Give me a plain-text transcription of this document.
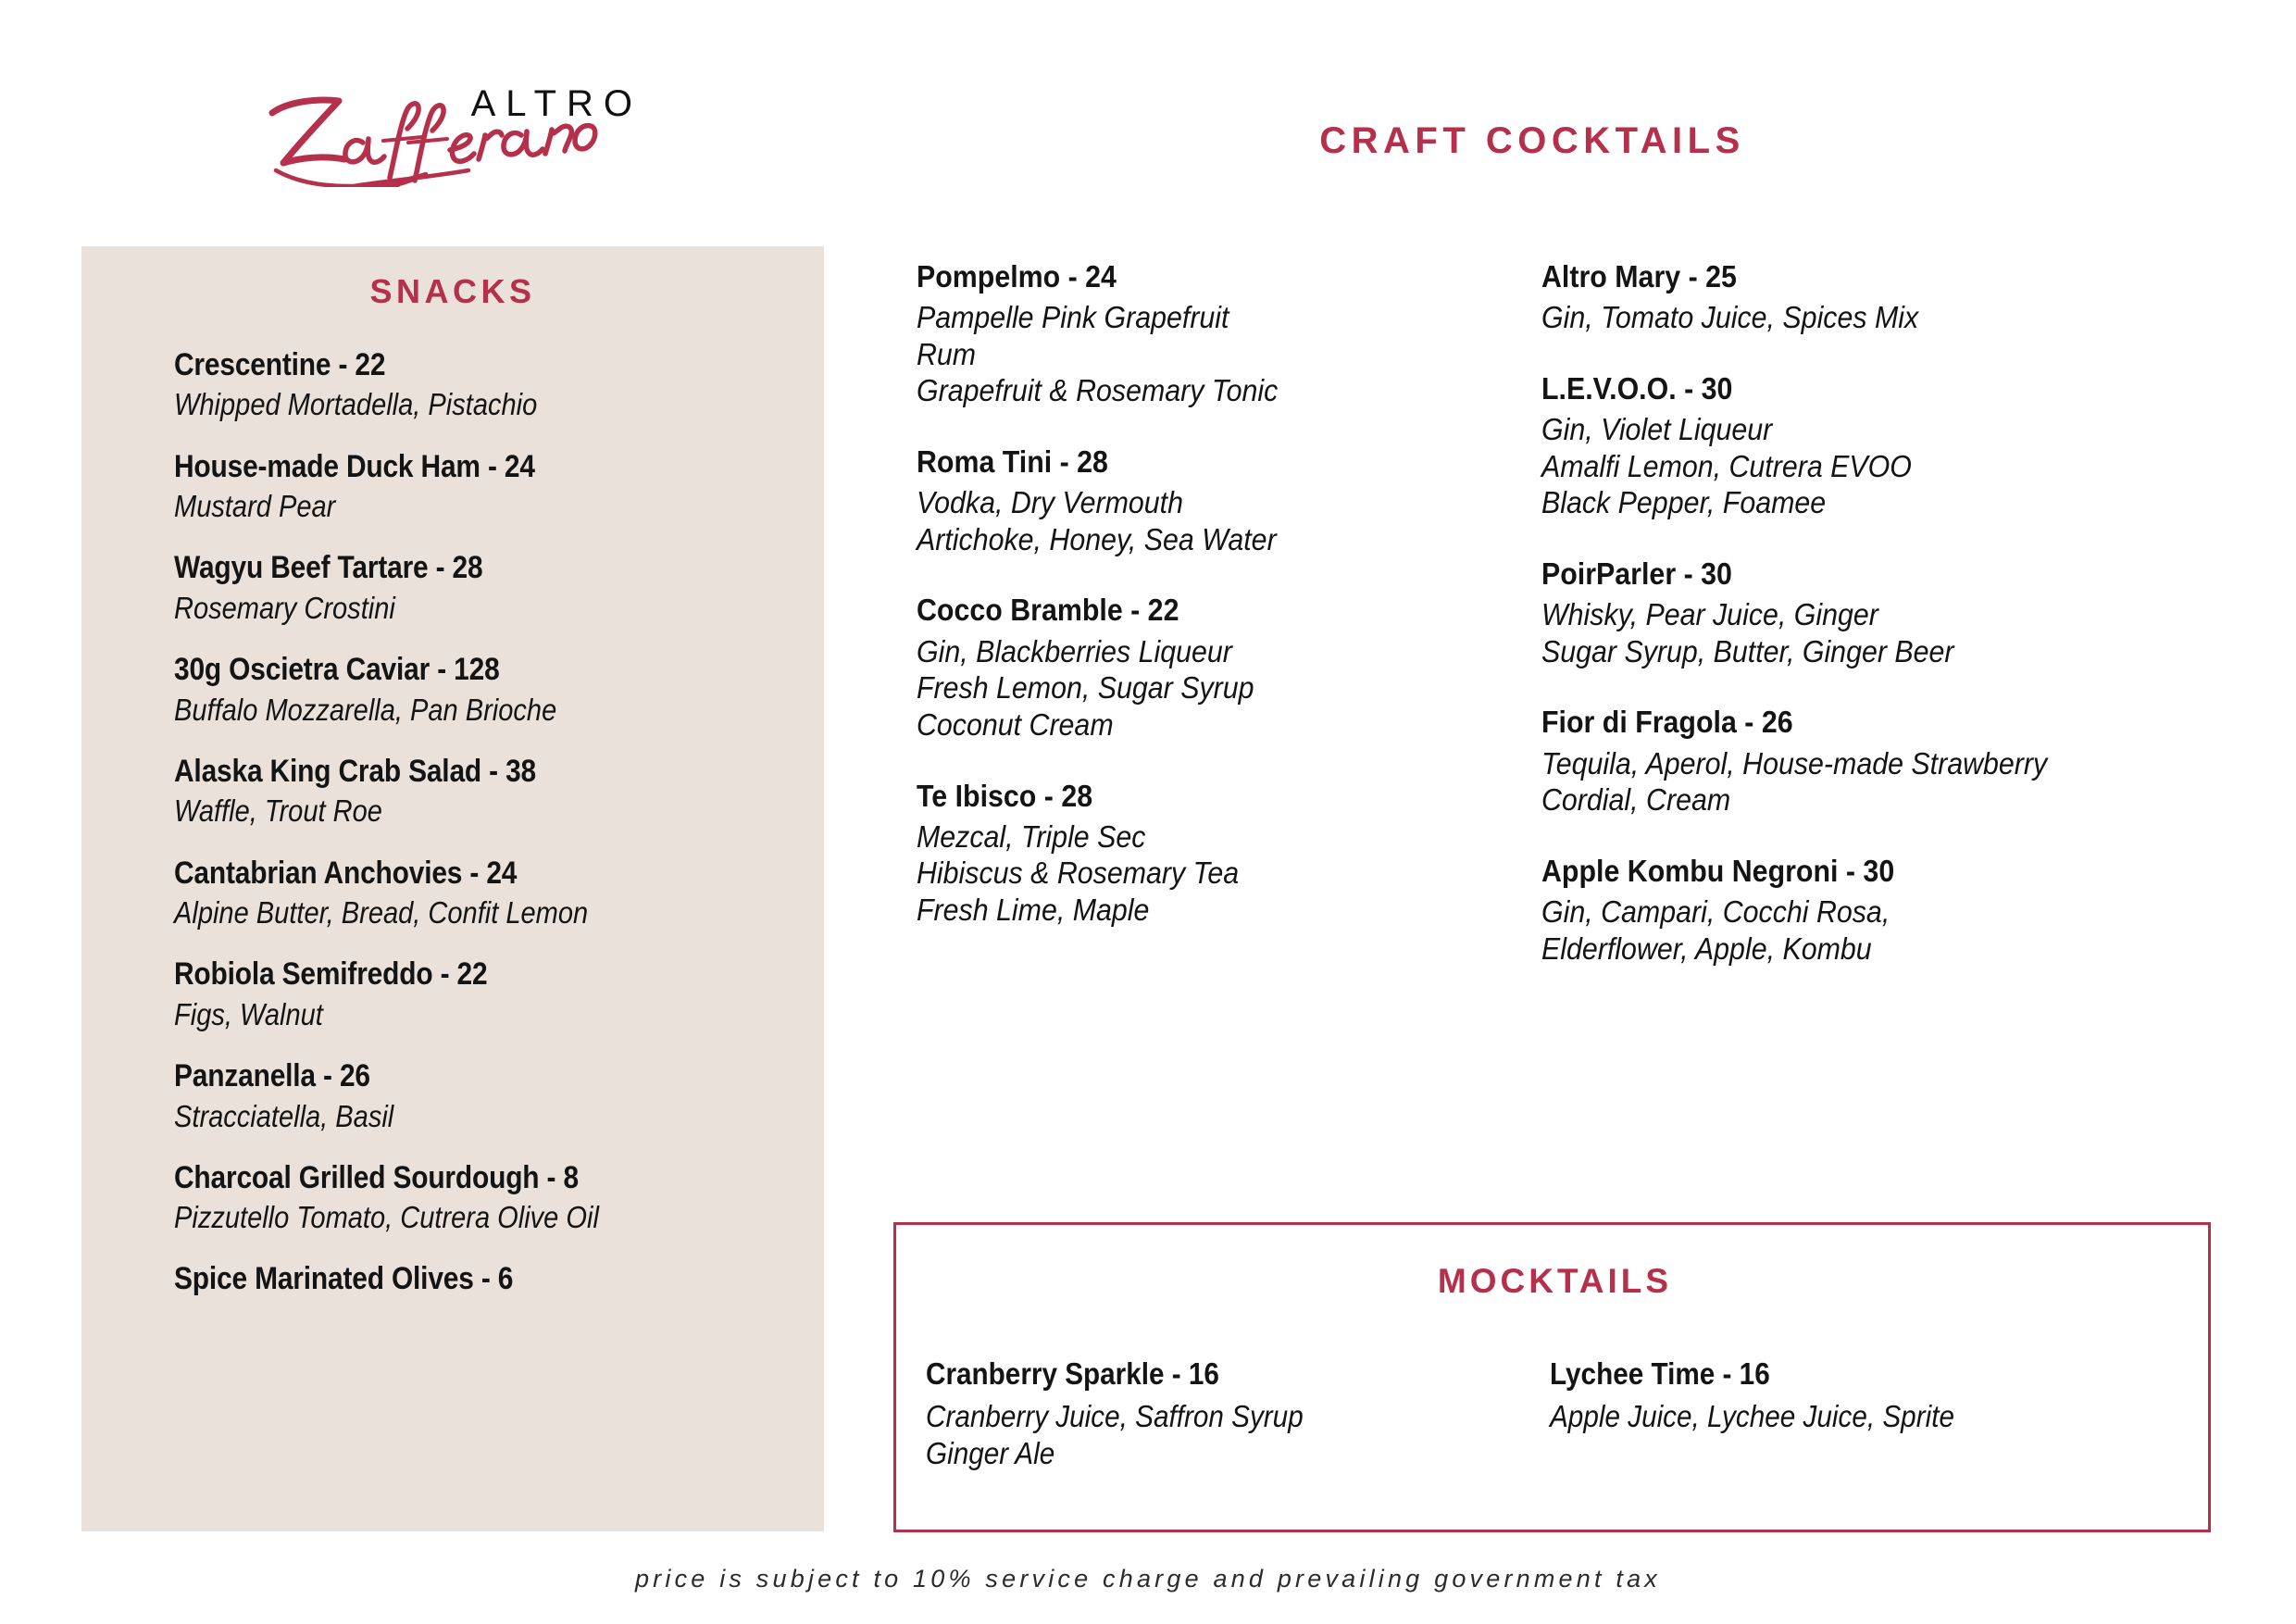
ALTRO
CRAFT COCKTAILS
SNACKS
Crescentine - 22
Whipped Mortadella, Pistachio
House-made Duck Ham - 24
Mustard Pear
Wagyu Beef Tartare - 28
Rosemary Crostini
30g Oscietra Caviar - 128
Buffalo Mozzarella, Pan Brioche
Alaska King Crab Salad - 38
Waffle, Trout Roe
Cantabrian Anchovies - 24
Alpine Butter, Bread, Confit Lemon
Robiola Semifreddo - 22
Figs, Walnut
Panzanella - 26
Stracciatella, Basil
Charcoal Grilled Sourdough - 8
Pizzutello Tomato, Cutrera Olive Oil
Spice Marinated Olives - 6
Pompelmo - 24
Pampelle Pink Grapefruit
Rum
Grapefruit & Rosemary Tonic
Roma Tini - 28
Vodka, Dry Vermouth
Artichoke, Honey, Sea Water
Cocco Bramble - 22
Gin, Blackberries Liqueur
Fresh Lemon, Sugar Syrup
Coconut Cream
Te Ibisco - 28
Mezcal, Triple Sec
Hibiscus & Rosemary Tea
Fresh Lime, Maple
Altro Mary - 25
Gin, Tomato Juice, Spices Mix
L.E.V.O.O. - 30
Gin, Violet Liqueur
Amalfi Lemon, Cutrera EVOO
Black Pepper, Foamee
PoirParler - 30
Whisky, Pear Juice, Ginger
Sugar Syrup, Butter, Ginger Beer
Fior di Fragola - 26
Tequila, Aperol, House-made Strawberry
Cordial, Cream
Apple Kombu Negroni - 30
Gin, Campari, Cocchi Rosa,
Elderflower, Apple, Kombu
MOCKTAILS
Cranberry Sparkle - 16
Cranberry Juice, Saffron Syrup
Ginger Ale
Lychee Time - 16
Apple Juice, Lychee Juice, Sprite
price is subject to 10% service charge and prevailing government tax
